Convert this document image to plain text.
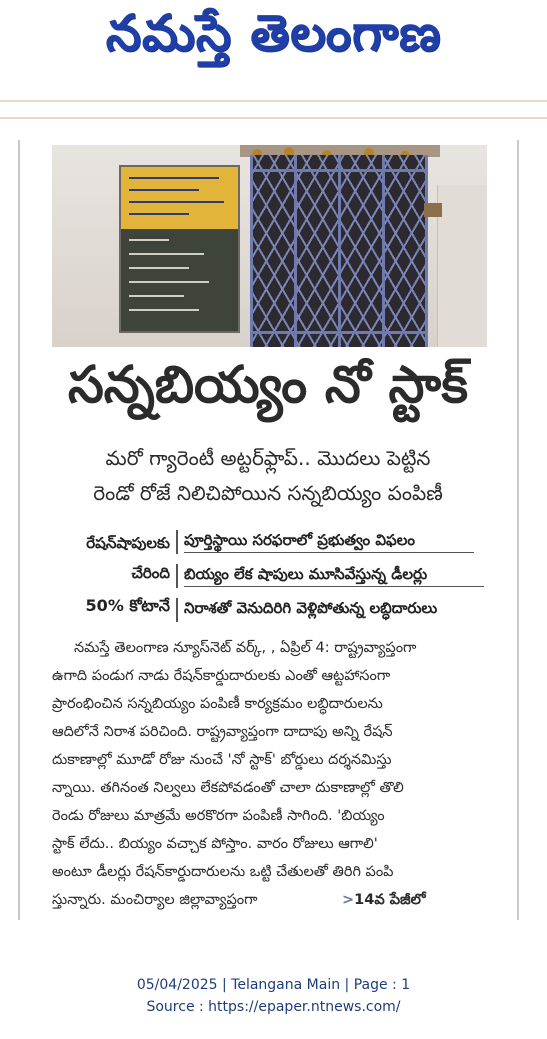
నమస్తే తెలంగాణ
సన్నబియ్యం నో స్టాక్
మరో గ్యారెంటీ అట్టర్‌ఫ్లాప్.. మొదలు పెట్టిన
రెండో రోజే నిలిచిపోయిన సన్నబియ్యం పంపిణీ
రేషన్‌షాపులకు
చేరింది
50% కోటానే
పూర్తిస్థాయి సరఫరాలో ప్రభుత్వం విఫలం
బియ్యం లేక షాపులు మూసివేస్తున్న డీలర్లు
నిరాశతో వెనుదిరిగి వెళ్లిపోతున్న లబ్ధిదారులు
నమస్తే తెలంగాణ న్యూస్‌నెట్ వర్క్, , ఏప్రిల్ 4: రాష్ట్రవ్యాప్తంగా
ఉగాది పండుగ నాడు రేషన్‌కార్డుదారులకు ఎంతో ఆట్టహాసంగా
ప్రారంభించిన సన్నబియ్యం పంపిణీ కార్యక్రమం లబ్ధిదారులను
ఆదిలోనే నిరాశ పరిచింది. రాష్ట్రవ్యాప్తంగా దాదాపు అన్ని రేషన్
దుకాణాల్లో మూడో రోజు నుంచే 'నో స్టాక్' బోర్డులు దర్శనమిస్తు
న్నాయి. తగినంత నిల్వలు లేకపోవడంతో చాలా దుకాణాల్లో తొలి
రెండు రోజులు మాత్రమే అరకొరగా పంపిణీ సాగింది. 'బియ్యం
స్టాక్ లేదు.. బియ్యం వచ్చాక పోస్తాం. వారం రోజులు ఆగాలి'
అంటూ డీలర్లు రేషన్‌కార్డుదారులను ఒట్టి చేతులతో తిరిగి పంపి
స్తున్నారు. మంచిర్యాల జిల్లావ్యాప్తంగా	>14వ పేజీలో
05/04/2025 | Telangana Main | Page : 1
Source : https://epaper.ntnews.com/
